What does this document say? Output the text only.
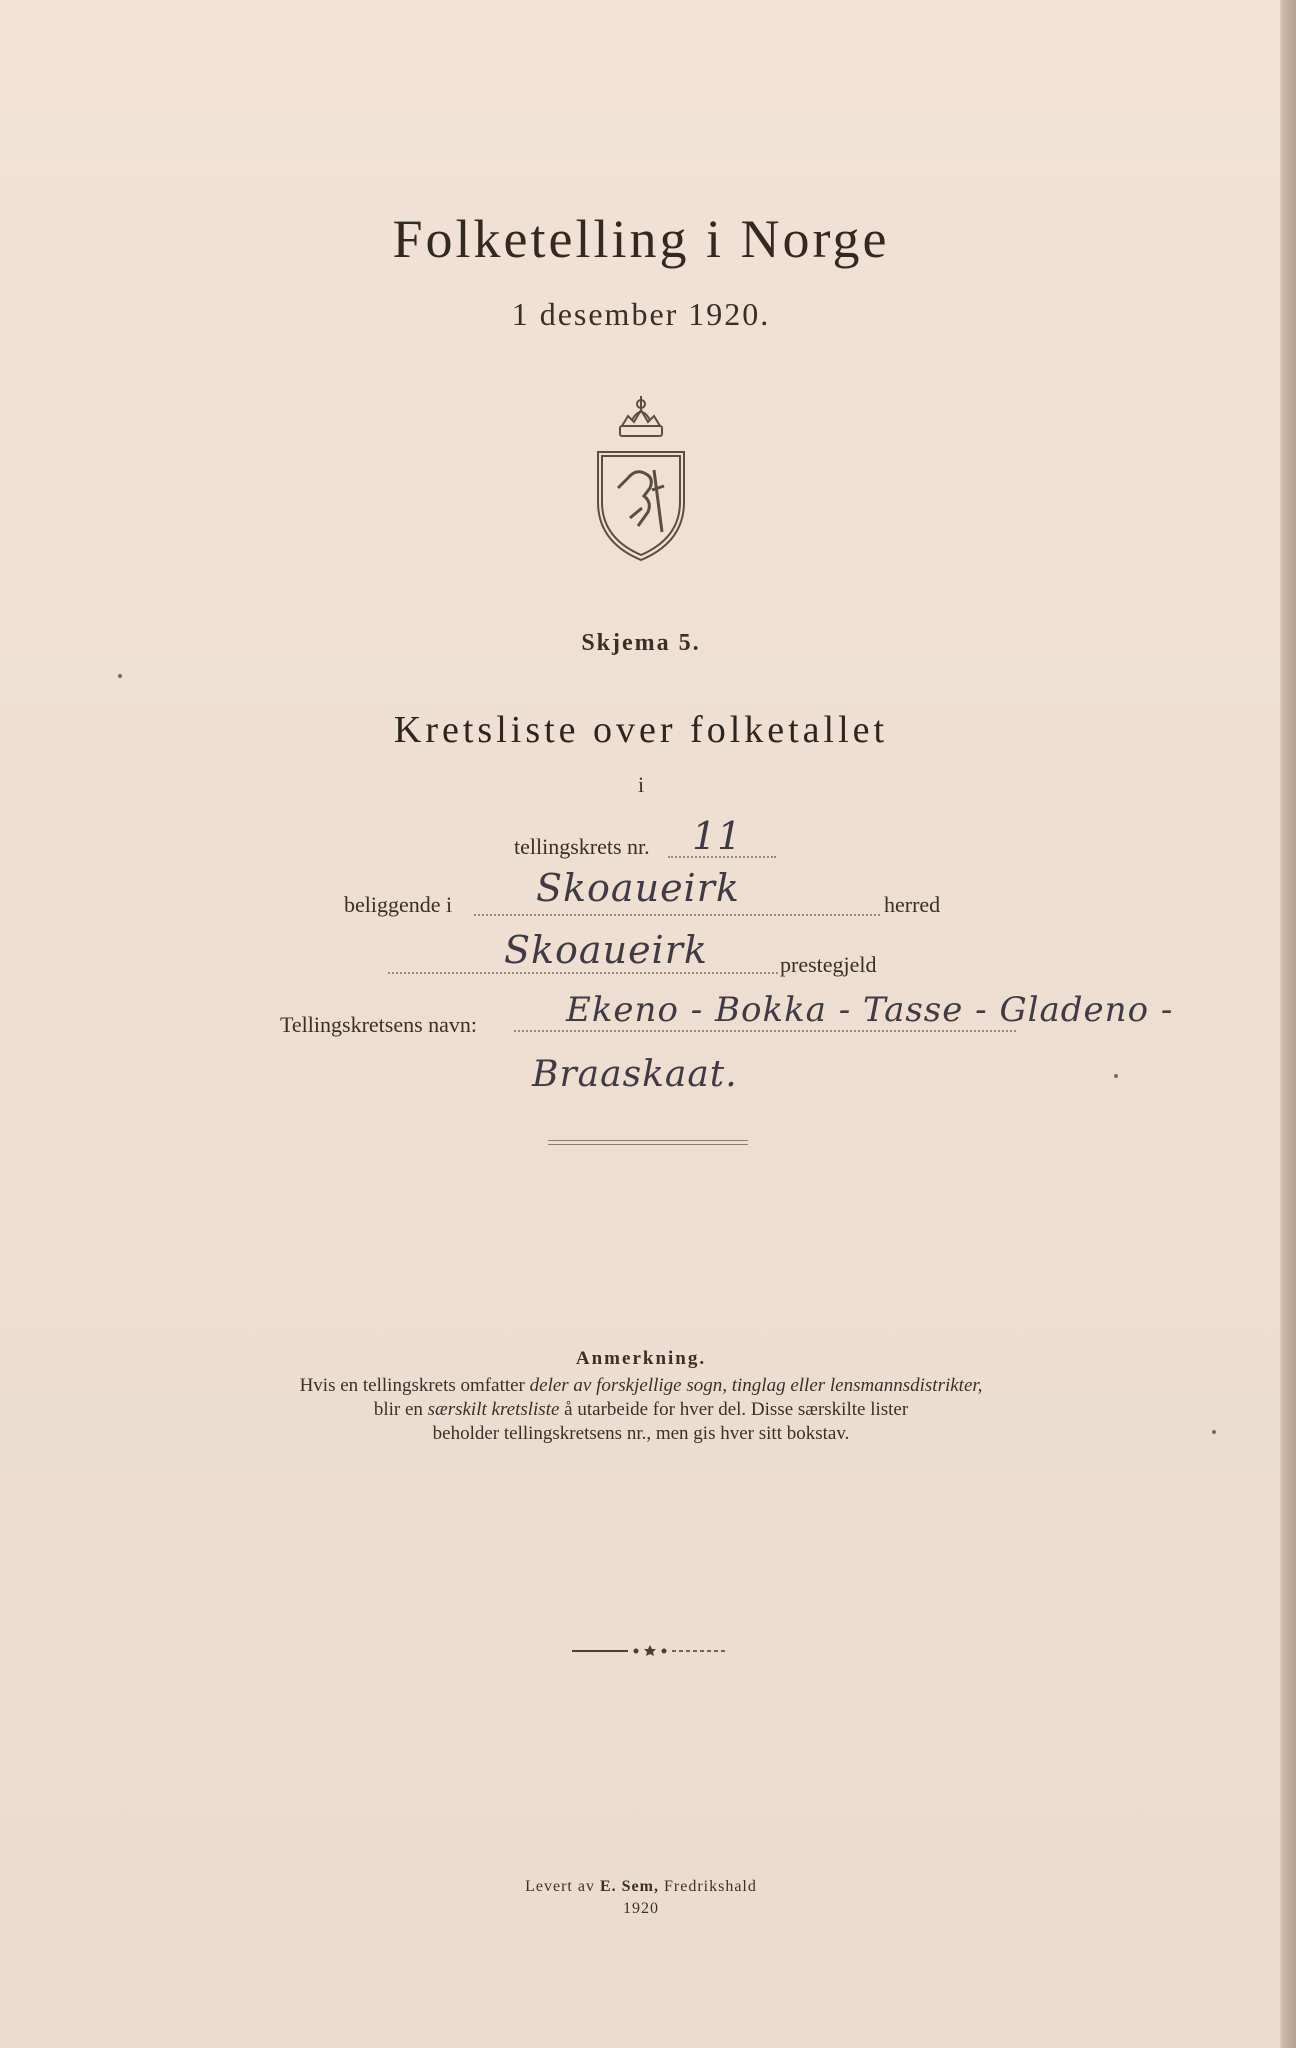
Folketelling i Norge
1 desember 1920.
Skjema 5.
Kretsliste over folketallet
i
tellingskrets nr. 11
beliggende i Skoaueirk	herred
Skoaueirk	prestegjeld
Tellingskretsens navn:	Ekeno - Bokka - Tasse - Gladeno -
Braaskaat.
Anmerkning.
Hvis en tellingskrets omfatter deler av forskjellige sogn, tinglag eller lensmannsdistrikter,
blir en særskilt kretsliste å utarbeide for hver del. Disse særskilte lister
beholder tellingskretsens nr., men gis hver sitt bokstav.
Levert av E. Sem, Fredrikshald
1920
